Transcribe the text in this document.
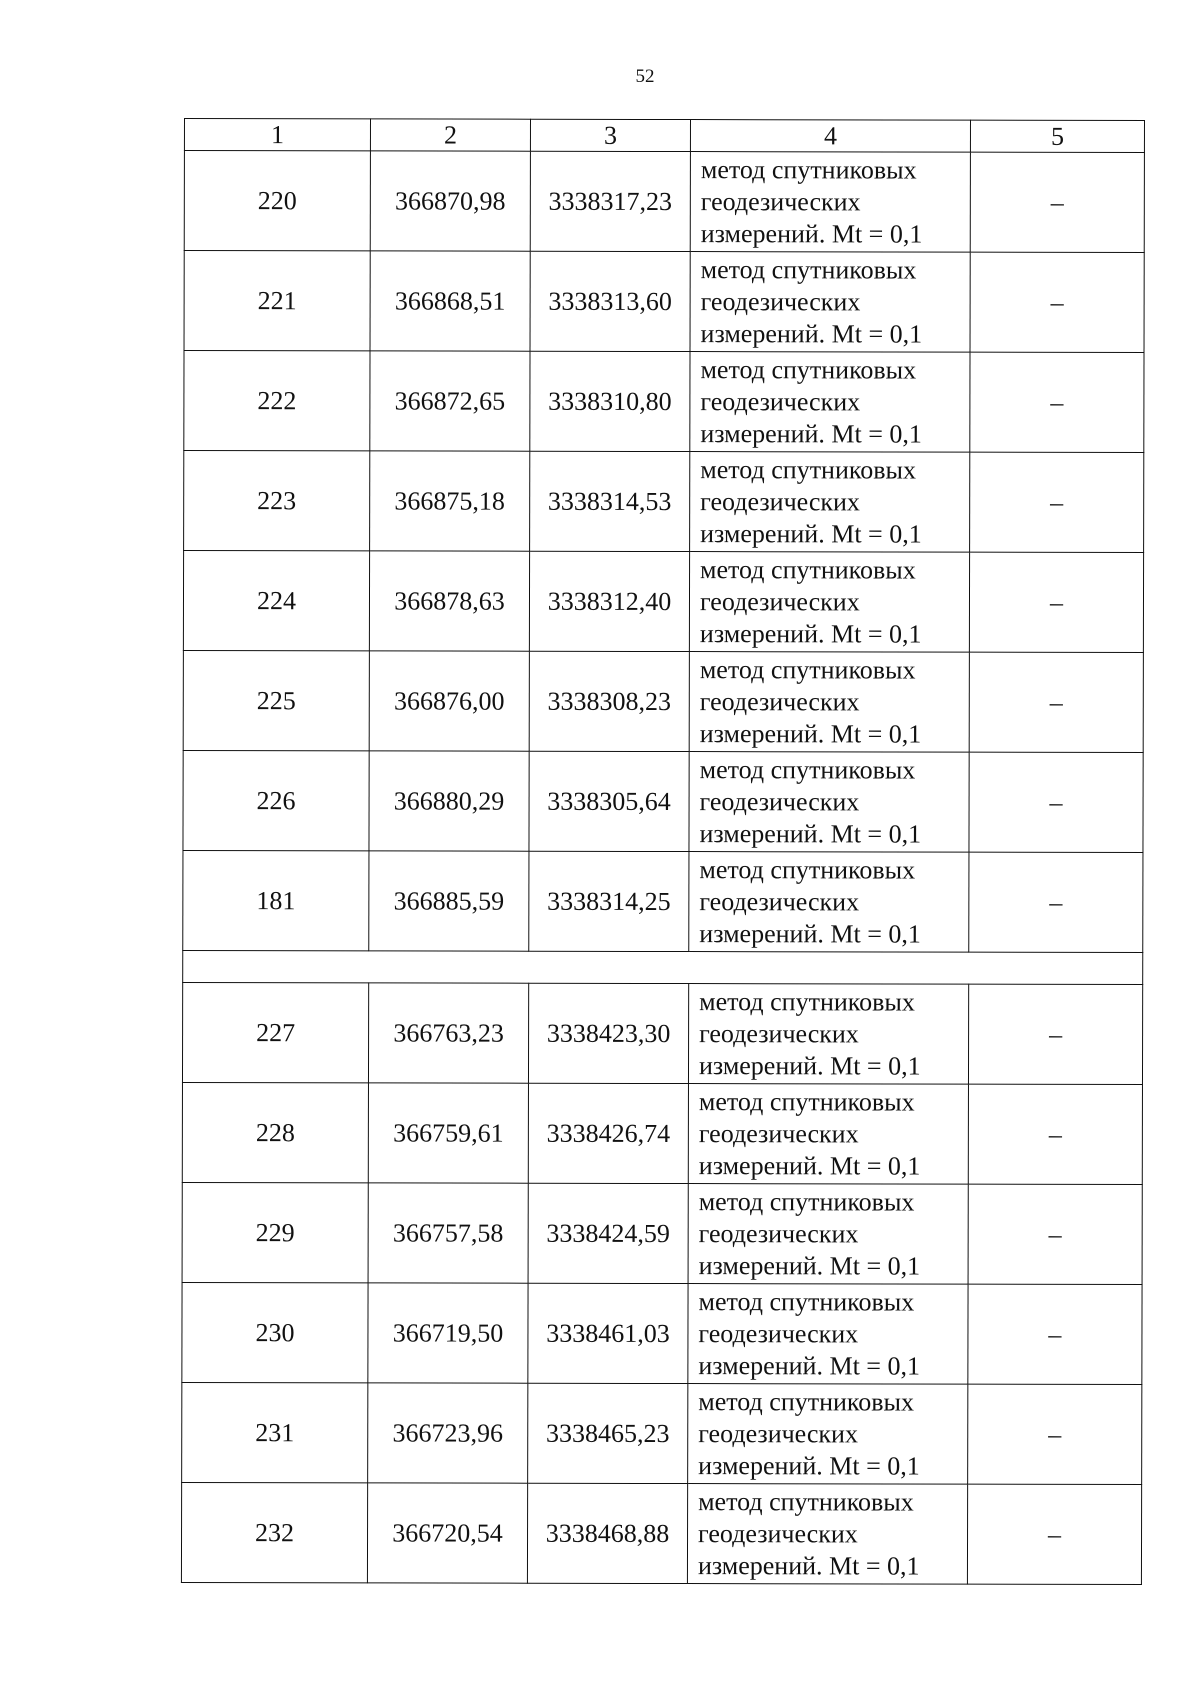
52
1	2	3	4	5
220	366870,98	3338317,23	метод спутниковых геодезических измерений. Mt = 0,1	–
221	366868,51	3338313,60	метод спутниковых геодезических измерений. Mt = 0,1	–
222	366872,65	3338310,80	метод спутниковых геодезических измерений. Mt = 0,1	–
223	366875,18	3338314,53	метод спутниковых геодезических измерений. Mt = 0,1	–
224	366878,63	3338312,40	метод спутниковых геодезических измерений. Mt = 0,1	–
225	366876,00	3338308,23	метод спутниковых геодезических измерений. Mt = 0,1	–
226	366880,29	3338305,64	метод спутниковых геодезических измерений. Mt = 0,1	–
181	366885,59	3338314,25	метод спутниковых геодезических измерений. Mt = 0,1	–

227	366763,23	3338423,30	метод спутниковых геодезических измерений. Mt = 0,1	–
228	366759,61	3338426,74	метод спутниковых геодезических измерений. Mt = 0,1	–
229	366757,58	3338424,59	метод спутниковых геодезических измерений. Mt = 0,1	–
230	366719,50	3338461,03	метод спутниковых геодезических измерений. Mt = 0,1	–
231	366723,96	3338465,23	метод спутниковых геодезических измерений. Mt = 0,1	–
232	366720,54	3338468,88	метод спутниковых геодезических измерений. Mt = 0,1	–
